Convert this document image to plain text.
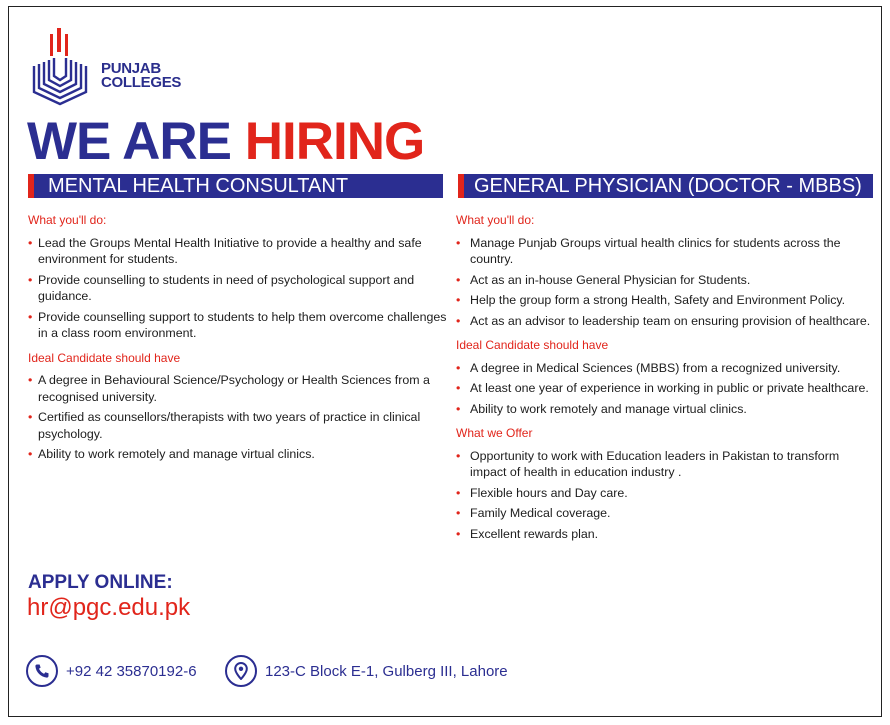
PUNJAB
COLLEGES
WE ARE HIRING
MENTAL HEALTH CONSULTANT	GENERAL PHYSICIAN (DOCTOR - MBBS)
What you'll do:
• Lead the Groups Mental Health Initiative to provide a healthy and safe environment for students.
• Provide counselling to students in need of psychological support and guidance.
• Provide counselling support to students to help them overcome challenges in a class room environment.
Ideal Candidate should have
• A degree in Behavioural Science/Psychology or Health Sciences from a recognised university.
• Certified as counsellors/therapists with two years of practice in clinical psychology.
• Ability to work remotely and manage virtual clinics.
What you'll do:
• Manage Punjab Groups virtual health clinics for students across the country.
• Act as an in-house General Physician for Students.
• Help the group form a strong Health, Safety and Environment Policy.
• Act as an advisor to leadership team on ensuring provision of healthcare.
Ideal Candidate should have
• A degree in Medical Sciences (MBBS) from a recognized university.
• At least one year of experience in working in public or private healthcare.
• Ability to work remotely and manage virtual clinics.
What we Offer
• Opportunity to work with Education leaders in Pakistan to transform impact of health in education industry .
• Flexible hours and Day care.
• Family Medical coverage.
• Excellent rewards plan.
APPLY ONLINE:
hr@pgc.edu.pk
+92 42 35870192-6	123-C Block E-1, Gulberg III, Lahore
